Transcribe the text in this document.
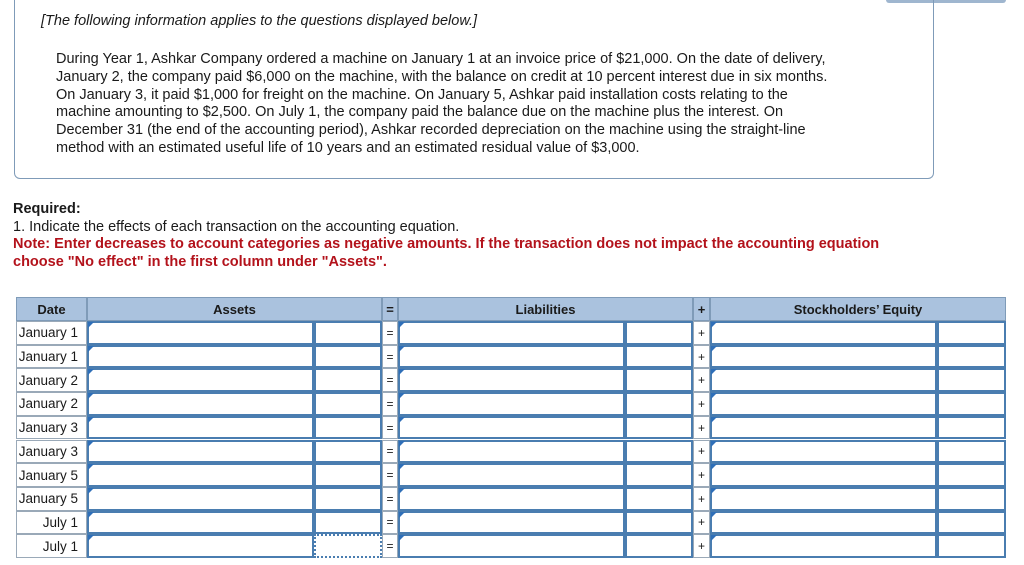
[The following information applies to the questions displayed below.]
During Year 1, Ashkar Company ordered a machine on January 1 at an invoice price of $21,000. On the date of delivery,
January 2, the company paid $6,000 on the machine, with the balance on credit at 10 percent interest due in six months.
On January 3, it paid $1,000 for freight on the machine. On January 5, Ashkar paid installation costs relating to the
machine amounting to $2,500. On July 1, the company paid the balance due on the machine plus the interest. On
December 31 (the end of the accounting period), Ashkar recorded depreciation on the machine using the straight-line
method with an estimated useful life of 10 years and an estimated residual value of $3,000.
Required:
1. Indicate the effects of each transaction on the accounting equation.
Note: Enter decreases to account categories as negative amounts. If the transaction does not impact the accounting equation choose "No effect" in the first column under "Assets".
Date	Assets	=	Liabilities	+	Stockholders’ Equity
January 1	=	+
January 1	=	+
January 2	=	+
January 2	=	+
January 3	=	+
January 3	=	+
January 5	=	+
January 5	=	+
July 1	=	+
July 1	=	+
